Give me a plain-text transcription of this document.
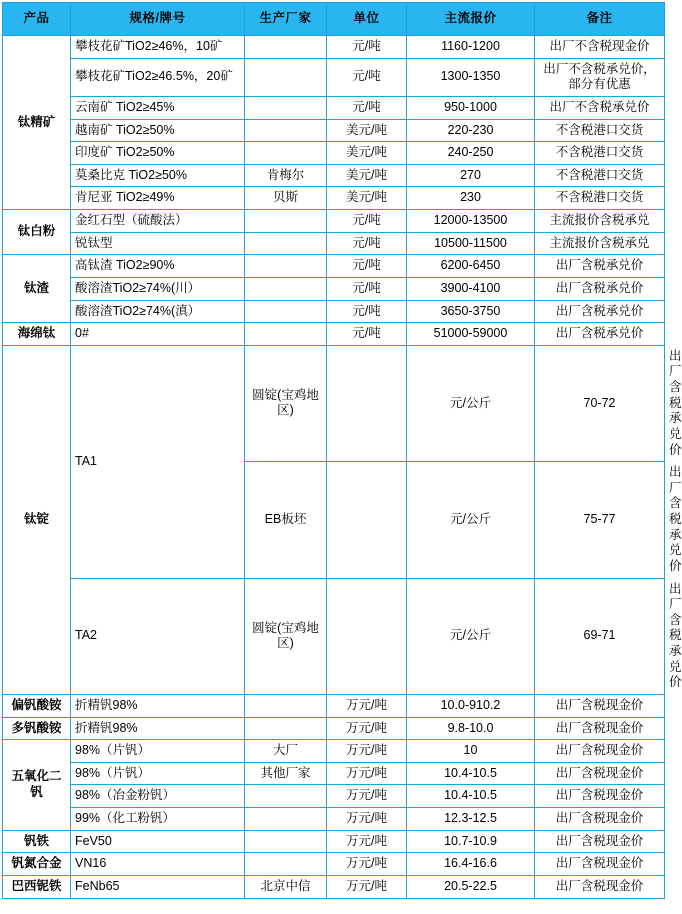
产品	规格/牌号	生产厂家	单位	主流报价	备注	
钛精矿	攀枝花矿TiO2≥46%，10矿		元/吨	1160-1200	出厂不含税现金价	
	攀枝花矿TiO2≥46.5%，20矿		元/吨	1300-1350	出厂不含税承兑价，部分有优惠	
	云南矿 TiO2≥45%		元/吨	950-1000	出厂不含税承兑价	
	越南矿 TiO2≥50%		美元/吨	220-230	不含税港口交货	
	印度矿 TiO2≥50%		美元/吨	240-250	不含税港口交货	
	莫桑比克 TiO2≥50%	肯梅尔	美元/吨	270	不含税港口交货	
	肯尼亚 TiO2≥49%	贝斯	美元/吨	230	不含税港口交货	
钛白粉	金红石型（硫酸法）		元/吨	12000-13500	主流报价含税承兑	
	锐钛型		元/吨	10500-11500	主流报价含税承兑	
钛渣	高钛渣 TiO2≥90%		元/吨	6200-6450	出厂含税承兑价	
	酸溶渣TiO2≥74%(川）		元/吨	3900-4100	出厂含税承兑价	
	酸溶渣TiO2≥74%(滇）		元/吨	3650-3750	出厂含税承兑价	
海绵钛	0#		元/吨	51000-59000	出厂含税承兑价	
钛锭	TA1	圆锭(宝鸡地区)		元/公斤	70-72	出厂含税承兑价
		EB板坯		元/公斤	75-77	出厂含税承兑价
	TA2	圆锭(宝鸡地区)		元/公斤	69-71	出厂含税承兑价
偏钒酸铵	折精钒98%		万元/吨	10.0-910.2	出厂含税现金价	
多钒酸铵	折精钒98%		万元/吨	9.8-10.0	出厂含税现金价	
五氧化二钒	98%（片钒）	大厂	万元/吨	10	出厂含税现金价	
	98%（片钒）	其他厂家	万元/吨	10.4-10.5	出厂含税现金价	
	98%（冶金粉钒）		万元/吨	10.4-10.5	出厂含税现金价	
	99%（化工粉钒）		万元/吨	12.3-12.5	出厂含税现金价	
钒铁	FeV50		万元/吨	10.7-10.9	出厂含税现金价	
钒氮合金	VN16		万元/吨	16.4-16.6	出厂含税现金价	
巴西铌铁	FeNb65	北京中信	万元/吨	20.5-22.5	出厂含税现金价	
